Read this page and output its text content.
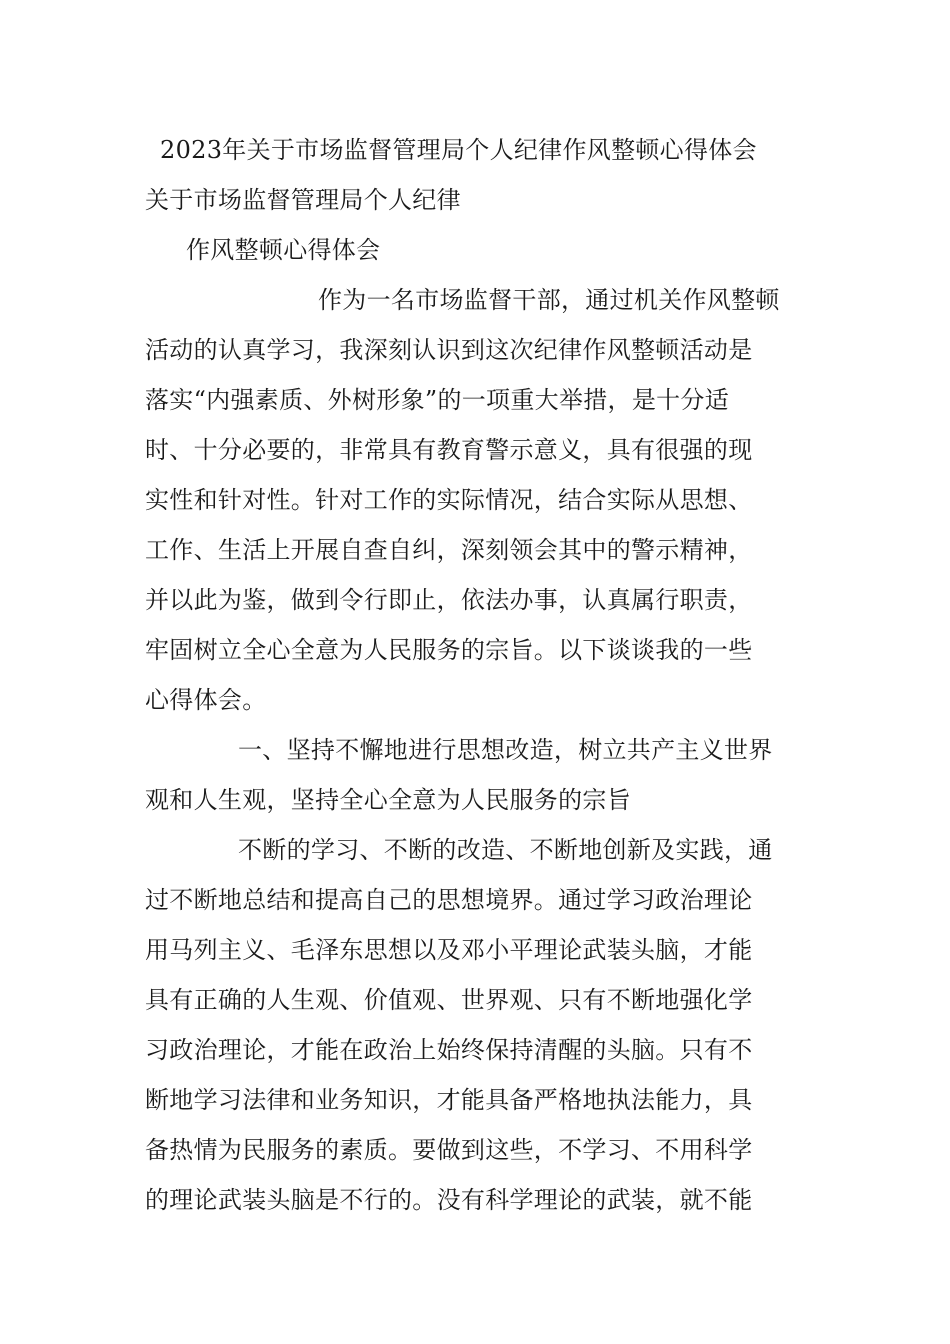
2023年关于市场监督管理局个人纪律作风整顿心得体会
关于市场监督管理局个人纪律
作风整顿心得体会
作为一名市场监督干部，通过机关作风整顿
活动的认真学习，我深刻认识到这次纪律作风整顿活动是
落实“内强素质、外树形象”的一项重大举措，是十分适
时、十分必要的，非常具有教育警示意义，具有很强的现
实性和针对性。针对工作的实际情况，结合实际从思想、
工作、生活上开展自查自纠，深刻领会其中的警示精神，
并以此为鉴，做到令行即止，依法办事，认真属行职责，
牢固树立全心全意为人民服务的宗旨。以下谈谈我的一些
心得体会。
一、坚持不懈地进行思想改造，树立共产主义世界
观和人生观，坚持全心全意为人民服务的宗旨
不断的学习、不断的改造、不断地创新及实践，通
过不断地总结和提高自己的思想境界。通过学习政治理论
用马列主义、毛泽东思想以及邓小平理论武装头脑，才能
具有正确的人生观、价值观、世界观、只有不断地强化学
习政治理论，才能在政治上始终保持清醒的头脑。只有不
断地学习法律和业务知识，才能具备严格地执法能力，具
备热情为民服务的素质。要做到这些，不学习、不用科学
的理论武装头脑是不行的。没有科学理论的武装，就不能
